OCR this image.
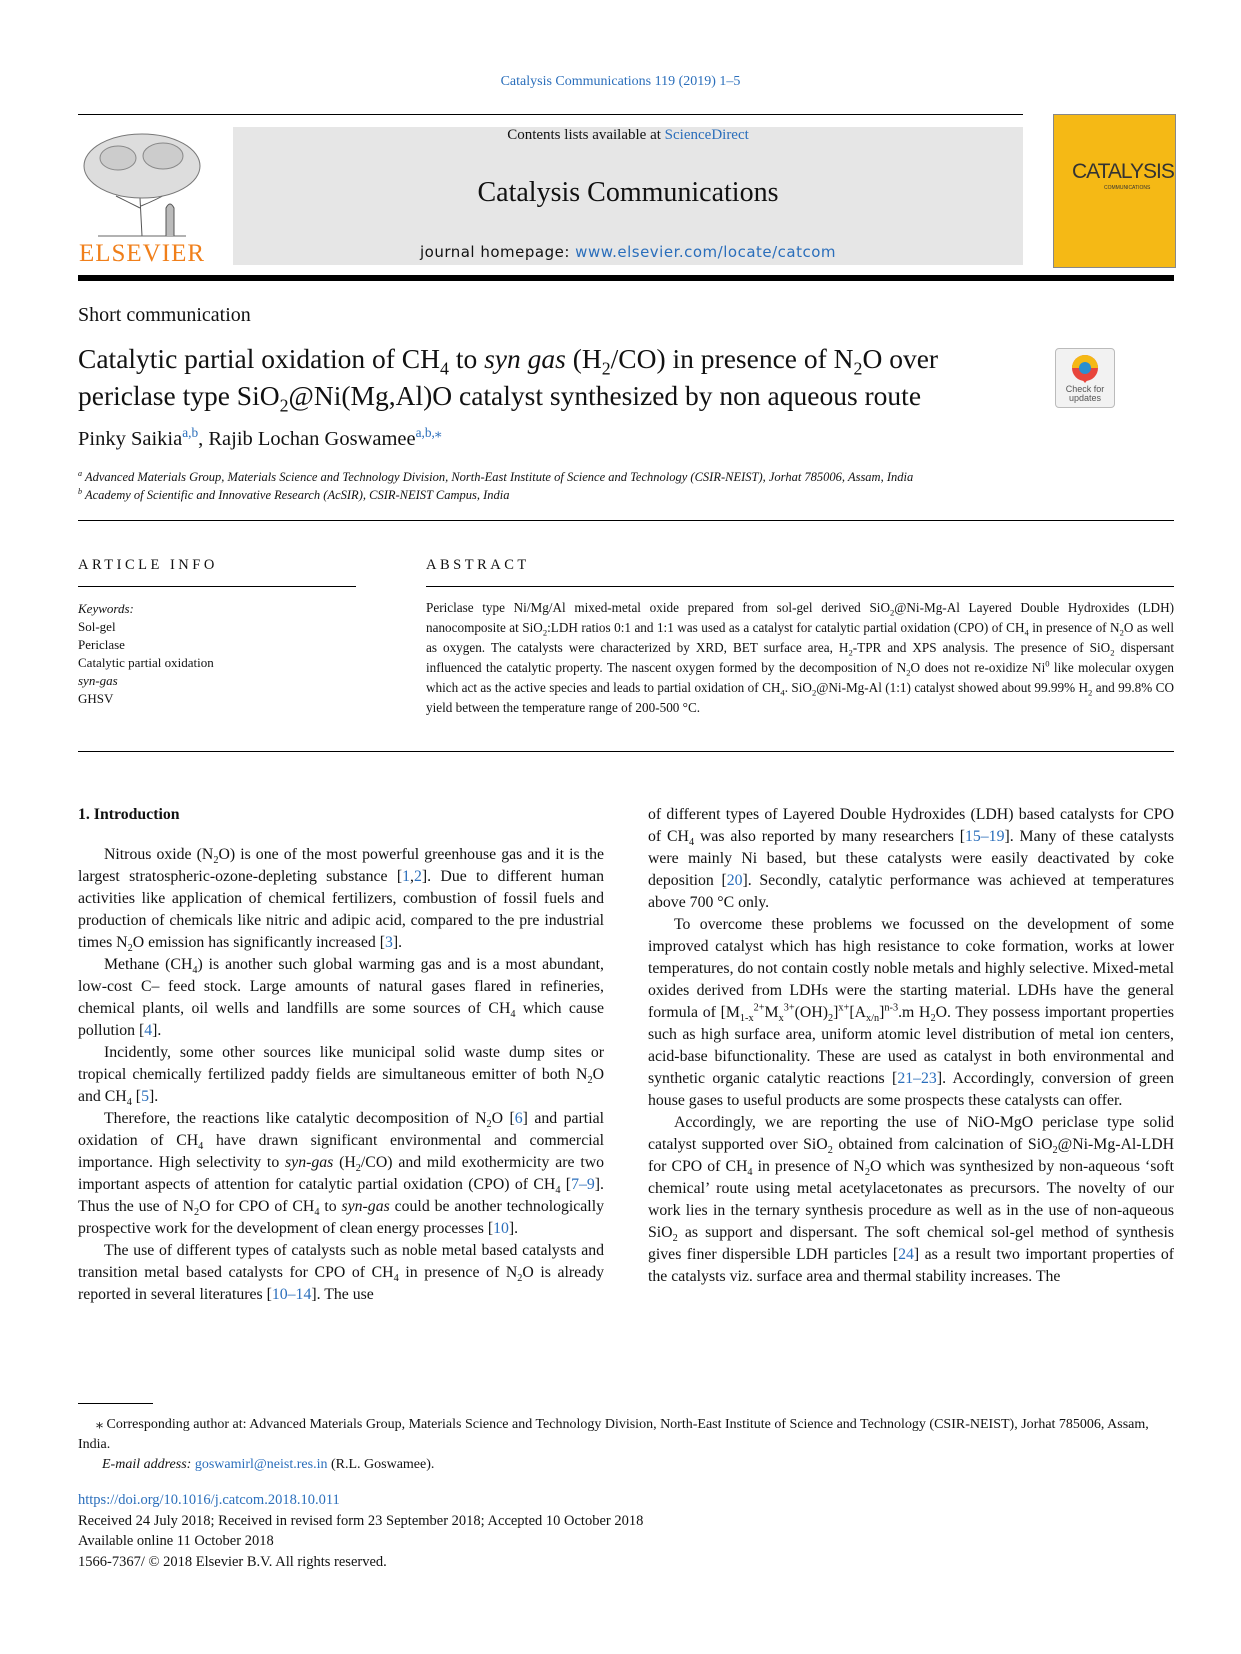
Catalysis Communications 119 (2019) 1–5
ELSEVIER
Contents lists available at ScienceDirect
Catalysis Communications
journal homepage: www.elsevier.com/locate/catcom
CATALYSIS
COMMUNICATIONS
Short communication
Catalytic partial oxidation of $CH_4$ to syn gas $(H_2/CO)$ in presence of $N_2O$ over
periclase type SiO$_2$@Ni(Mg,Al)O catalyst synthesized by non aqueous route	Check for updates
Pinky Saikia$^{a,b}$, Rajib Lochan Goswamee$^{a,b,⁎}$
$^a$ Advanced Materials Group, Materials Science and Technology Division, North-East Institute of Science and Technology (CSIR-NEIST), Jorhat 785006, Assam, India
$^b$ Academy of Scientific and Innovative Research (AcSIR), CSIR-NEIST Campus, India
ARTICLE INFO
Keywords:
Sol-gel
Periclase
Catalytic partial oxidation
syn-gas
GHSV
ABSTRACT
Periclase type Ni/Mg/Al mixed-metal oxide prepared from sol-gel derived SiO$_2$@Ni-Mg-Al Layered Double Hydroxides (LDH) nanocomposite at SiO$_2$:LDH ratios 0:1 and 1:1 was used as a catalyst for catalytic partial oxidation (CPO) of $CH_4$ in presence of $N_2O$ as well as oxygen. The catalysts were characterized by XRD, BET surface area, $H_2$-TPR and XPS analysis. The presence of SiO$_2$ dispersant influenced the catalytic property. The nascent oxygen formed by the decomposition of $N_2O$ does not re-oxidize Ni$^0$ like molecular oxygen which act as the active species and leads to partial oxidation of $CH_4$. SiO$_2$@Ni-Mg-Al (1:1) catalyst showed about 99.99% $H_2$ and 99.8% CO yield between the temperature range of 200-500 °C.

1. Introduction

Nitrous oxide $(N_2O)$ is one of the most powerful greenhouse gas and it is the largest stratospheric-ozone-depleting substance [1,2]. Due to different human activities like application of chemical fertilizers, combustion of fossil fuels and production of chemicals like nitric and adipic acid, compared to the pre industrial times $N_2O$ emission has significantly increased [3].

Methane $(CH_4)$ is another such global warming gas and is a most abundant, low-cost C– feed stock. Large amounts of natural gases flared in refineries, chemical plants, oil wells and landfills are some sources of $CH_4$ which cause pollution [4].

Incidently, some other sources like municipal solid waste dump sites or tropical chemically fertilized paddy fields are simultaneous emitter of both $N_2O$ and $CH_4$ [5].

Therefore, the reactions like catalytic decomposition of $N_2O$ [6] and partial oxidation of $CH_4$ have drawn significant environmental and commercial importance. High selectivity to syn-gas $(H_2/CO)$ and mild exothermicity are two important aspects of attention for catalytic partial oxidation (CPO) of $CH_4$ [7–9]. Thus the use of $N_2O$ for CPO of $CH_4$ to syn-gas could be another technologically prospective work for the development of clean energy processes [10].

The use of different types of catalysts such as noble metal based catalysts and transition metal based catalysts for CPO of $CH_4$ in presence of $N_2O$ is already reported in several literatures [10–14]. The use

of different types of Layered Double Hydroxides (LDH) based catalysts for CPO of $CH_4$ was also reported by many researchers [15–19]. Many of these catalysts were mainly Ni based, but these catalysts were easily deactivated by coke deposition [20]. Secondly, catalytic performance was achieved at temperatures above 700 °C only.

To overcome these problems we focussed on the development of some improved catalyst which has high resistance to coke formation, works at lower temperatures, do not contain costly noble metals and highly selective. Mixed-metal oxides derived from LDHs were the starting material. LDHs have the general formula of $[M_{1-x}^{2+}M_x^{3+}(OH)_2]^{x+}[A_{x/n}]^{n-3}.m$ $H_2O$. They possess important properties such as high surface area, uniform atomic level distribution of metal ion centers, acid-base bifunctionality. These are used as catalyst in both environmental and synthetic organic catalytic reactions [21–23]. Accordingly, conversion of green house gases to useful products are some prospects these catalysts can offer.

Accordingly, we are reporting the use of NiO-MgO periclase type solid catalyst supported over SiO$_2$ obtained from calcination of SiO$_2$@Ni-Mg-Al-LDH for CPO of $CH_4$ in presence of $N_2O$ which was synthesized by non-aqueous ‘soft chemical’ route using metal acetylacetonates as precursors. The novelty of our work lies in the ternary synthesis procedure as well as in the use of non-aqueous SiO$_2$ as support and dispersant. The soft chemical sol-gel method of synthesis gives finer dispersible LDH particles [24] as a result two important properties of the catalysts viz. surface area and thermal stability increases. The

⁎ Corresponding author at: Advanced Materials Group, Materials Science and Technology Division, North-East Institute of Science and Technology (CSIR-NEIST), Jorhat 785006, Assam, India.
E-mail address: goswamirl@neist.res.in (R.L. Goswamee).
https://doi.org/10.1016/j.catcom.2018.10.011
Received 24 July 2018; Received in revised form 23 September 2018; Accepted 10 October 2018
Available online 11 October 2018
1566-7367/ © 2018 Elsevier B.V. All rights reserved.
